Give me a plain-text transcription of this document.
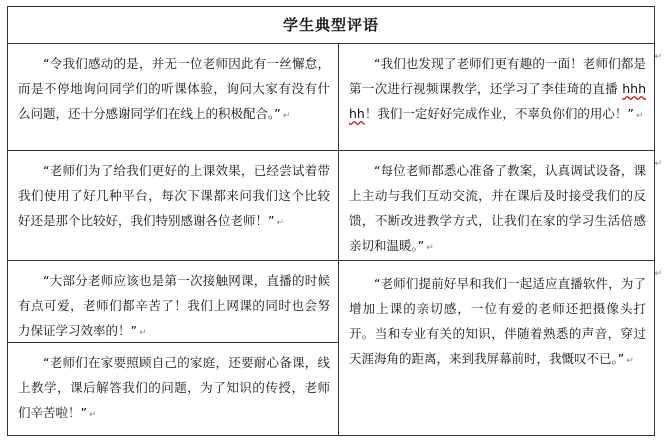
学生典型评语
“令我们感动的是，并无一位老师因此有一丝懈怠，而是不停地询问同学们的听课体验，询问大家有没有什么问题，还十分感谢同学们在线上的积极配合。” ↵
“我们也发现了老师们更有趣的一面！老师们都是第一次进行视频课教学，还学习了李佳琦的直播 hhhhh！我们一定好好完成作业，不辜负你们的用心！” ↵
↵
“老师们为了给我们更好的上课效果，已经尝试着带我们使用了好几种平台，每次下课都来问我们这个比较好还是那个比较好，我们特别感谢各位老师！” ↵
“每位老师都悉心准备了教案，认真调试设备，课上主动与我们互动交流，并在课后及时接受我们的反馈，不断改进教学方式，让我们在家的学习生活倍感亲切和温暖。” ↵
↵
“大部分老师应该也是第一次接触网课，直播的时候有点可爱，老师们都辛苦了！我们上网课的同时也会努力保证学习效率的！” ↵
“老师们提前好早和我们一起适应直播软件，为了增加上课的亲切感，一位有爱的老师还把摄像头打开。当和专业有关的知识，伴随着熟悉的声音，穿过天涯海角的距离，来到我屏幕前时，我慨叹不已。” ↵
↵
“老师们在家要照顾自己的家庭，还要耐心备课，线上教学，课后解答我们的问题，为了知识的传授，老师们辛苦啦！” ↵
